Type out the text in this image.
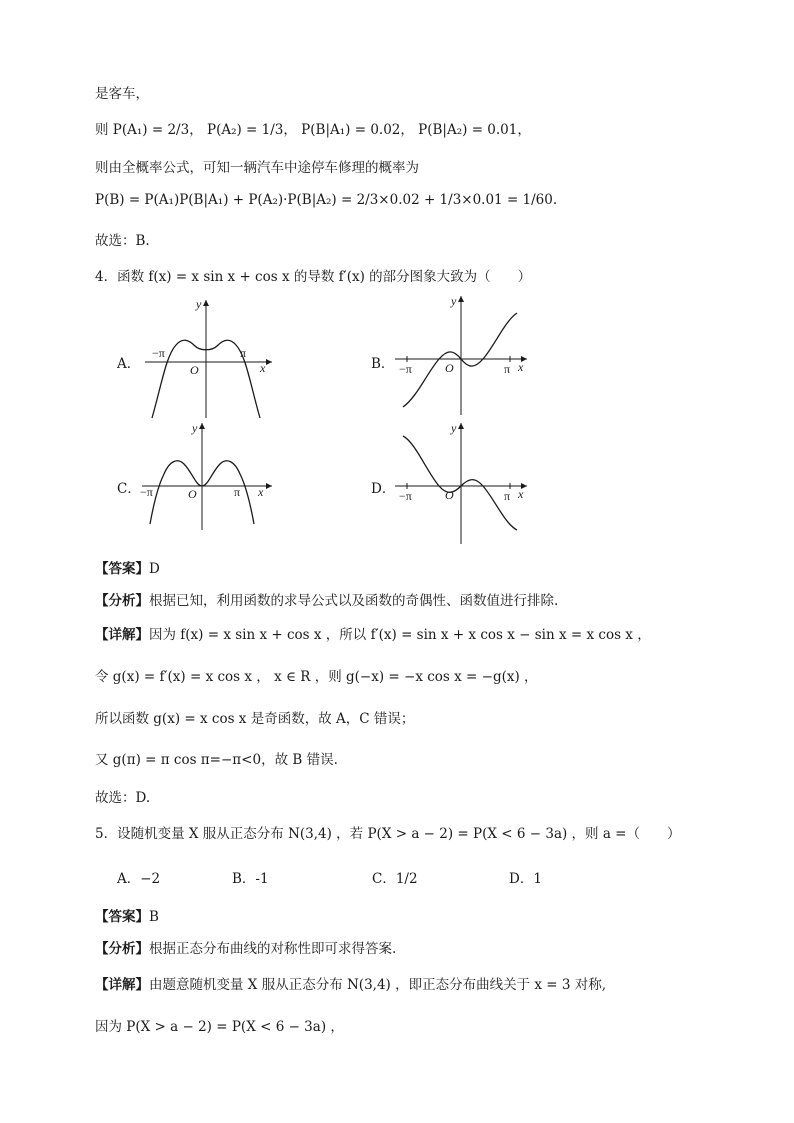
是客车，
则 P(A₁) = 2/3， P(A₂) = 1/3， P(B|A₁) = 0.02， P(B|A₂) = 0.01，
则由全概率公式，可知一辆汽车中途停车修理的概率为
P(B) = P(A₁)P(B|A₁) + P(A₂)·P(B|A₂) = 2/3×0.02 + 1/3×0.01 = 1/60.
故选：B.
4．函数 f(x) = x sin x + cos x 的导数 f′(x) 的部分图象大致为（　　）
A．
y
x
O
−π	π
B．
y
x
O
−π	π
C．
y
x
O
−π	π	D．
y
x
O
−π	π
【答案】D
【分析】根据已知，利用函数的求导公式以及函数的奇偶性、函数值进行排除.
【详解】因为 f(x) = x sin x + cos x ，所以 f′(x) = sin x + x cos x − sin x = x cos x ，
令 g(x) = f′(x) = x cos x ， x ∈ R ，则 g(−x) = −x cos x = −g(x) ，
所以函数 g(x) = x cos x 是奇函数，故 A，C 错误；
又 g(π) = π cos π=−π<0，故 B 错误.
故选：D.
5．设随机变量 X 服从正态分布 N(3,4) ，若 P(X > a − 2) = P(X < 6 − 3a) ，则 a =（　　）
A．−2	B．-1	C．1/2	D．1
【答案】B
【分析】根据正态分布曲线的对称性即可求得答案.
【详解】由题意随机变量 X 服从正态分布 N(3,4) ，即正态分布曲线关于 x = 3 对称,
因为 P(X > a − 2) = P(X < 6 − 3a) ，
